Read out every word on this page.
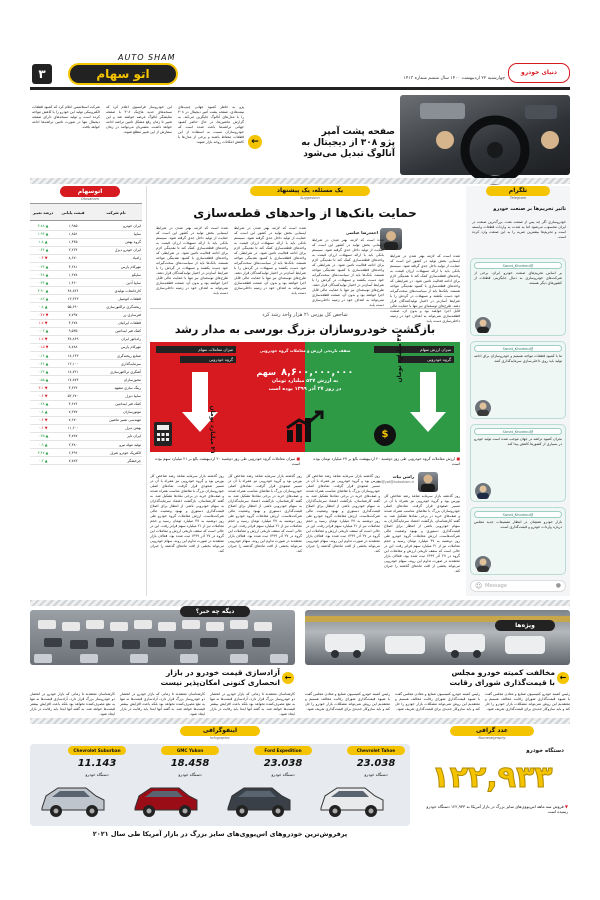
AUTO SHAM
اتو سهام
٣	چهارشنبه ۲۲ اردیبهشت ۱۴۰۰ سال ششم شماره ۱۴۱۳
دنیای خودرو
صفحه پشت آمپر
پژو ۳۰۸ از دیجیتال به
آنالوگ تبدیل می‌شود
←
پژو به خاطر کمبود جهانی چیپ‌های نیمه‌هادی، صفحه پشت آمپر دیجیتال در ۳۰۸ را با مدل‌های آنالوگ جایگزین می‌کند. به گزارش ماشین‌ها، در حال حاضر کمبود جهانی تراشه‌ها باعث شده است که خودروسازان نسبت به استفاده از این قطعات محتاط باشند و برخی از مدل‌ها با کاهش امکانات روانه بازار شوند.
این خودروساز فرانسوی اعلام کرد که نسخه‌های جدید هاچ‌بک ۳۰۸ با صفحه نمایشگر آنالوگ عرضه خواهند شد و این تغییر تا زمان رفع مشکل تامین تراشه ادامه خواهد داشت. مشتریان می‌توانند در زمان سفارش از این تغییر مطلع شوند.
شرکت استلانتیس اعلام کرد که کمبود قطعات الکترونیکی تولید این خودرو را با کاهش مواجه کرده است و تولید نسخه‌های دارای صفحه دیجیتال تنها در صورت تامین تراشه‌ها ادامه خواهد یافت.
اتوسهام
Otosaham
نام شرکت
قیمت پایانی
درصد تغییر
ایران خودرو	۱,۹۸۵	▲ ۳.۸۸
سایپا	۱,۸۵۱	▲ ۱.۹۳
گروه بهمن	۱,۴۴۵	▲ ۱.۸
ایران خودرو دیزل	۲,۲۶۴	▲ ۰.۴۴
زامیاد	۸,۶۷۰	▼ ۰.۴
مهرکام پارس	۴,۲۸۱	▲ ۰.۲۳
ساپکو	۱,۲۷۸	▲ ۰.۴۸
سایپا آذین	۱,۴۶۰	▲ ۰.۳۳
کارخانجات تولیدی	۴۸,۸۳۶	▲ ۳.۹۰
قطعات اتومبیل	۱۳,۳۶۳	▲ ۰.۸۲
ریخته‌گری تراکتورسازی	۵۵,۶۹۰	▲ ۰.۸
فنرسازی زر	۷,۷۹۷	▼ ۰.۴۷
قطعات ایرانیان	۴,۲۷۸	▼ ۱.۷
کمک فنر ایندامین	۹,۵۳۵	▲ ۰.۰۲
رادیاتور ایران	۳۸,۸۶۹	▼ ۱.۷
مهرکام پارس	۸,۷۸۸	▼ ۰.۱۵
صنایع ریخته‌گری	۱۸,۶۶۳	▲ ۰.۱۴
سرمایه‌گذاری	۱۲,۱۰۰	▲ ۰.۴۶
آهنگری تراکتورسازی	۱۸,۷۲۱	▲ ۰.۲۲
محورسازان	۱۷,۸۷۳	▲ ۰.۵۵
رینگ سازی مشهد	۴,۳۶۴	▼ ۳.۱
سایپا دیزل	۵۲,۶۷۰	▼ ۰.۴
کمک فنر ایندامین	۴,۶۷۶	▲ ۰.۲۸
موتورسازان	۷,۲۷۷	▲ ۰.۸
مهندسی نصیر ماشین	۷,۶۷۰	▼ ۰.۴
بهمن دیزل	۱۱,۶۰۰	▼ ۰.۶
ایران تایر	۴,۷۸۷	▲ ۰.۳۵
تولید مولد نیرو	۲,۳۸۰	▲ ۰.۹
الکتریک خودرو شرق	۶,۳۹۶	▲ ۳.۴۷
چرخشگر	۷,۷۸۳	▲ ۰.۲
یک مسئله، یک پیشنهاد
Suggestion
حمایت بانک‌ها از واحدهای قطعه‌سازی
احمدرضا عباسی
شده است که لازمه بهتر شدن در شرایط ایستایی بخش تولید در کشور این است که حمایت از تولید داخل جدی گرفته شود. سیستم بانکی باید با ارائه تسهیلات ارزان قیمت به واحدهای قطعه‌سازی کمک کند تا نقدینگی لازم برای ادامه فعالیت تامین شود. در شرایطی که واحدهای قطعه‌سازی با کمبود نقدینگی مواجه هستند، بانک‌ها باید از سیاست‌های سخت‌گیرانه خود دست بکشند و تسهیلات در گردش را با شرایط آسان‌تر در اختیار تولیدکنندگان قرار دهند. طرح‌های توسعه‌ای نیز تنها با حمایت مالی قابل اجرا خواهند بود و بدون آن، صنعت قطعه‌سازی نمی‌تواند به اهداف خود در زمینه داخلی‌سازی دست یابد.
شده است که لازمه بهتر شدن در شرایط ایستایی بخش تولید در کشور این است که حمایت از تولید داخل جدی گرفته شود. سیستم بانکی باید با ارائه تسهیلات ارزان قیمت به واحدهای قطعه‌سازی کمک کند تا نقدینگی لازم برای ادامه فعالیت تامین شود. در شرایطی که واحدهای قطعه‌سازی با کمبود نقدینگی مواجه هستند، بانک‌ها باید از سیاست‌های سخت‌گیرانه خود دست بکشند و تسهیلات در گردش را با شرایط آسان‌تر در اختیار تولیدکنندگان قرار دهند. طرح‌های توسعه‌ای نیز تنها با حمایت مالی قابل اجرا خواهند بود و بدون آن، صنعت قطعه‌سازی نمی‌تواند به اهداف خود در زمینه داخلی‌سازی دست یابد.
شده است که لازمه بهتر شدن در شرایط ایستایی بخش تولید در کشور این است که حمایت از تولید داخل جدی گرفته شود. سیستم بانکی باید با ارائه تسهیلات ارزان قیمت به واحدهای قطعه‌سازی کمک کند تا نقدینگی لازم برای ادامه فعالیت تامین شود. در شرایطی که واحدهای قطعه‌سازی با کمبود نقدینگی مواجه هستند، بانک‌ها باید از سیاست‌های سخت‌گیرانه خود دست بکشند و تسهیلات در گردش را با شرایط آسان‌تر در اختیار تولیدکنندگان قرار دهند. طرح‌های توسعه‌ای نیز تنها با حمایت مالی قابل اجرا خواهند بود و بدون آن، صنعت قطعه‌سازی نمی‌تواند به اهداف خود در زمینه داخلی‌سازی دست یابد.
شده است که لازمه بهتر شدن در شرایط ایستایی بخش تولید در کشور این است که حمایت از تولید داخل جدی گرفته شود. سیستم بانکی باید با ارائه تسهیلات ارزان قیمت به واحدهای قطعه‌سازی کمک کند تا نقدینگی لازم برای ادامه فعالیت تامین شود. در شرایطی که واحدهای قطعه‌سازی با کمبود نقدینگی مواجه هستند، بانک‌ها باید از سیاست‌های سخت‌گیرانه خود دست بکشند و تسهیلات در گردش را با شرایط آسان‌تر در اختیار تولیدکنندگان قرار دهند. طرح‌های توسعه‌ای نیز تنها با حمایت مالی قابل اجرا خواهند بود و بدون آن، صنعت قطعه‌سازی نمی‌تواند به اهداف خود در زمینه داخلی‌سازی دست یابد.
شاخص کل بورس ۲۱ هزار واحد رشد کرد
بازگشت خودروسازان بزرگ بورسی به مدار رشد
میزان ارزش سهام
گروه خودرویی
۴۷ میلیارد تومان
$
میزان معاملات سهام
گروه خودرویی
۲۱ میلیارد تومان
سقف تاریخی ارزش و معاملات گروه خودرویی
۸,۶۰۰,۰۰۰,۰۰۰ سهم
به ارزش ۵۳۷ میلیارد تومان
در روز ۲۷ آذر ۱۳۹۹ بوده است
■ ارزش معاملات گروه خودرویی طی روز دوشنبه ۲۰ اردیبهشت بالغ بر ۴۷ میلیارد تومان بوده است
■ میزان معاملات گروه خودرویی طی روز دوشنبه ۲۰ اردیبهشت بالغ بر ۲۱ میلیارد سهم بوده است
رامین بیات
ra@yat@autosham.ir
روز گذشته بازار سرمایه شاهد رشد شاخص کل بورس بود و گروه خودرویی نیز همراه با آن در مسیر صعودی قرار گرفت. نماد‌های اصلی خودروسازان بزرگ با تقاضای مناسب همراه شدند و صف‌های خرید در برخی نمادها تشکیل شد. به گفته کارشناسان، بازگشت اعتماد سرمایه‌گذاران به سهام خودرویی ناشی از انتظار برای اصلاح قیمت‌گذاری دستوری و بهبود وضعیت مالی شرکت‌هاست. ارزش معاملات گروه خودرو طی روز دوشنبه به ۴۷ میلیارد تومان رسید و حجم معاملات نیز از ۲۱ میلیارد سهم فراتر رفت. این در حالی است که سقف تاریخی ارزش و معاملات این گروه در ۲۷ آذر ۱۳۹۹ ثبت شده بود. فعالان بازار معتقدند در صورت تداوم این روند، سهام خودرویی می‌تواند بخشی از افت ماه‌های گذشته را جبران کند.
روز گذشته بازار سرمایه شاهد رشد شاخص کل بورس بود و گروه خودرویی نیز همراه با آن در مسیر صعودی قرار گرفت. نماد‌های اصلی خودروسازان بزرگ با تقاضای مناسب همراه شدند و صف‌های خرید در برخی نمادها تشکیل شد. به گفته کارشناسان، بازگشت اعتماد سرمایه‌گذاران به سهام خودرویی ناشی از انتظار برای اصلاح قیمت‌گذاری دستوری و بهبود وضعیت مالی شرکت‌هاست. ارزش معاملات گروه خودرو طی روز دوشنبه به ۴۷ میلیارد تومان رسید و حجم معاملات نیز از ۲۱ میلیارد سهم فراتر رفت. این در حالی است که سقف تاریخی ارزش و معاملات این گروه در ۲۷ آذر ۱۳۹۹ ثبت شده بود. فعالان بازار معتقدند در صورت تداوم این روند، سهام خودرویی می‌تواند بخشی از افت ماه‌های گذشته را جبران کند.
روز گذشته بازار سرمایه شاهد رشد شاخص کل بورس بود و گروه خودرویی نیز همراه با آن در مسیر صعودی قرار گرفت. نماد‌های اصلی خودروسازان بزرگ با تقاضای مناسب همراه شدند و صف‌های خرید در برخی نمادها تشکیل شد. به گفته کارشناسان، بازگشت اعتماد سرمایه‌گذاران به سهام خودرویی ناشی از انتظار برای اصلاح قیمت‌گذاری دستوری و بهبود وضعیت مالی شرکت‌هاست. ارزش معاملات گروه خودرو طی روز دوشنبه به ۴۷ میلیارد تومان رسید و حجم معاملات نیز از ۲۱ میلیارد سهم فراتر رفت. این در حالی است که سقف تاریخی ارزش و معاملات این گروه در ۲۷ آذر ۱۳۹۹ ثبت شده بود. فعالان بازار معتقدند در صورت تداوم این روند، سهام خودرویی می‌تواند بخشی از افت ماه‌های گذشته را جبران کند.
روز گذشته بازار سرمایه شاهد رشد شاخص کل بورس بود و گروه خودرویی نیز همراه با آن در مسیر صعودی قرار گرفت. نماد‌های اصلی خودروسازان بزرگ با تقاضای مناسب همراه شدند و صف‌های خرید در برخی نمادها تشکیل شد. به گفته کارشناسان، بازگشت اعتماد سرمایه‌گذاران به سهام خودرویی ناشی از انتظار برای اصلاح قیمت‌گذاری دستوری و بهبود وضعیت مالی شرکت‌هاست. ارزش معاملات گروه خودرو طی روز دوشنبه به ۴۷ میلیارد تومان رسید و حجم معاملات نیز از ۲۱ میلیارد سهم فراتر رفت. این در حالی است که سقف تاریخی ارزش و معاملات این گروه در ۲۷ آذر ۱۳۹۹ ثبت شده بود. فعالان بازار معتقدند در صورت تداوم این روند، سهام خودرویی می‌تواند بخشی از افت ماه‌های گذشته را جبران کند.
تلگرام
Telegram
تاثیر تحریم‌ها بر صنعت خودرو
خودروسازی اگر چه پس از صنعت نفت، بزرگ‌ترین صنعت در ایران محسوب می‌شود اما به شدت به واردات قطعات وابسته است و تحریم‌ها بیشترین ضربه را به این صنعت وارد کرده است.
@Sanat_Khodrou
بر اساس تحریم‌های صنعت خودرو ایران، برخی از شرکت‌های خودروسازی به دنبال جایگزینی قطعات از کشورهای دیگر هستند.
@Sanat_Khodrou
ما با کمبود قطعات مواجه هستیم و خودروسازان برای ادامه تولید باید روی داخلی‌سازی سرمایه‌گذاری کنند.
@Sanat_Khodrou
بحران کمبود تراشه در جهان موجب شده است تولید خودرو در بسیاری از کشورها کاهش پیدا کند.
@Sanat_Khodrou
بازار خودرو همچنان در انتظار تصمیمات جدید مجلس درباره واردات خودرو و قیمت‌گذاری است.
☺ Message	●
دیگه چه خبر؟
آزادسازی قیمت خودرو در بازار
انحصاری کنونی امکان‌پذیر نیست
←
کارشناسان معتقدند تا زمانی که بازار خودرو در انحصار دو خودروساز بزرگ قرار دارد، آزادسازی قیمت‌ها نه تنها به نفع مصرف‌کننده نخواهد بود بلکه باعث افزایش بیشتر قیمت‌ها خواهد شد. به گفته آنها ابتدا باید رقابت در بازار ایجاد شود.
کارشناسان معتقدند تا زمانی که بازار خودرو در انحصار دو خودروساز بزرگ قرار دارد، آزادسازی قیمت‌ها نه تنها به نفع مصرف‌کننده نخواهد بود بلکه باعث افزایش بیشتر قیمت‌ها خواهد شد. به گفته آنها ابتدا باید رقابت در بازار ایجاد شود.
کارشناسان معتقدند تا زمانی که بازار خودرو در انحصار دو خودروساز بزرگ قرار دارد، آزادسازی قیمت‌ها نه تنها به نفع مصرف‌کننده نخواهد بود بلکه باعث افزایش بیشتر قیمت‌ها خواهد شد. به گفته آنها ابتدا باید رقابت در بازار ایجاد شود.
ویژه‌ها
مخالفت کمیته خودرو مجلس
با قیمت‌گذاری شورای رقابت
←
رئیس کمیته خودرو کمیسیون صنایع و معادن مجلس گفت با شیوه قیمت‌گذاری شورای رقابت مخالف هستیم و معتقدیم این روش نمی‌تواند مشکلات بازار خودرو را حل کند و باید سازوکار جدیدی برای قیمت‌گذاری تعریف شود.
رئیس کمیته خودرو کمیسیون صنایع و معادن مجلس گفت با شیوه قیمت‌گذاری شورای رقابت مخالف هستیم و معتقدیم این روش نمی‌تواند مشکلات بازار خودرو را حل کند و باید سازوکار جدیدی برای قیمت‌گذاری تعریف شود.
رئیس کمیته خودرو کمیسیون صنایع و معادن مجلس گفت با شیوه قیمت‌گذاری شورای رقابت مخالف هستیم و معتقدیم این روش نمی‌تواند مشکلات بازار خودرو را حل کند و باید سازوکار جدیدی برای قیمت‌گذاری تعریف شود.
اینفوگرافی
Infographic
Chevrolet Suburban
11.143
دستگاه خودرو
GMC Yukon
18.458
دستگاه خودرو
Ford Expedition
23.038
دستگاه خودرو
Chevrolet Tahoe
23.038
دستگاه خودرو
پرفروش‌ترین خودروهای اس‌یووی‌های سایز بزرگ در بازار آمریکا طی سال ۲۰۲۱
عدد گرافی
Numeralgraphy
دستگاه خودرو
۱۲۲,۹۳۳
▼ فروش سه ماهه اس‌یووی‌های سایز بزرگ در بازار آمریکا به ۱۲۲,۹۳۳ دستگاه خودرو رسیده است
